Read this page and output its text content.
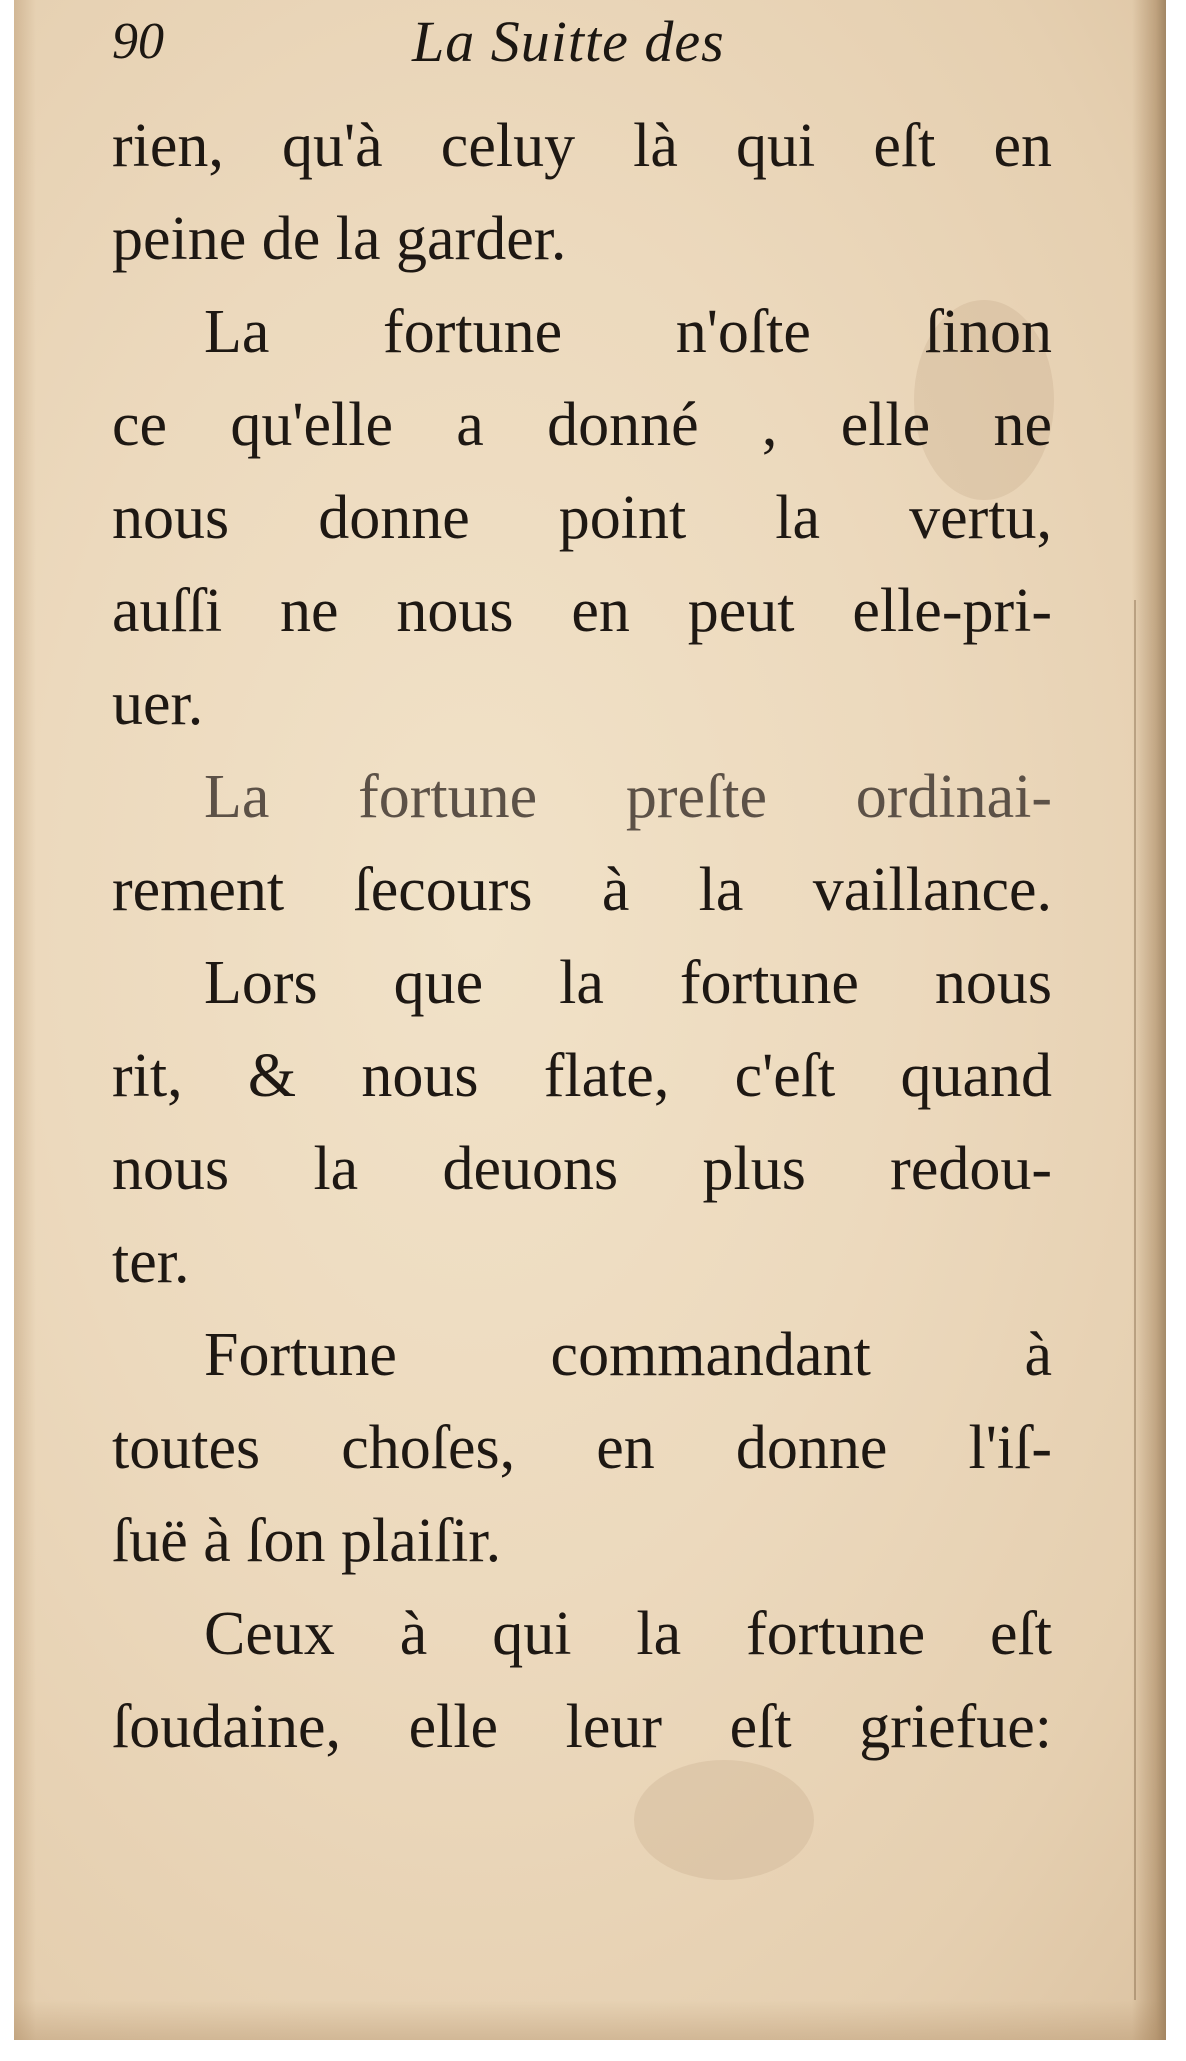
90	La Suitte des
rien, qu'à celuy là qui eſt en
peine de la garder.
La fortune n'oſte ſinon
ce qu'elle a donné , elle ne
nous donne point la vertu,
auſſi ne nous en peut elle-pri-
uer.
La fortune preſte ordinai-
rement ſecours à la vaillance.
Lors que la fortune nous
rit, & nous flate, c'eſt quand
nous la deuons plus redou-
ter.
Fortune commandant à
toutes choſes, en donne l'iſ-
ſuë à ſon plaiſir.
Ceux à qui la fortune eſt
ſoudaine, elle leur eſt griefue:
